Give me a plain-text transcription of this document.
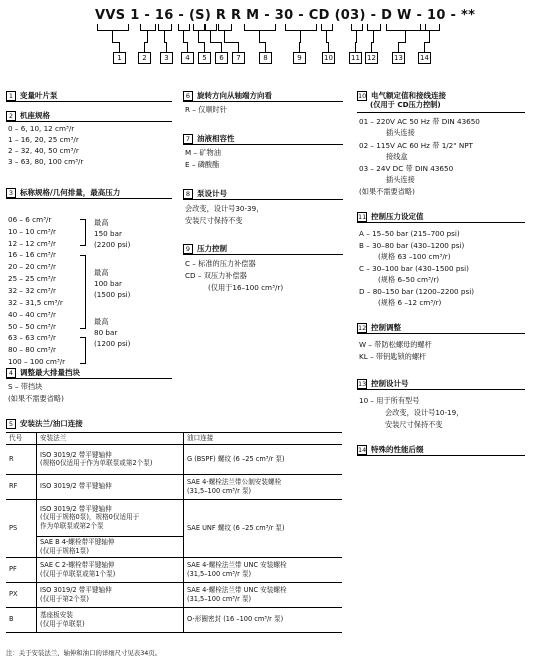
VVS 1 - 16 - (S) R R M - 30 - CD (03) - D W - 10 - **
1	2	3	4	5	6	7	8	9	10	11 12	13 14
1 变量叶片泵
2 机座规格
0 – 6, 10, 12 cm³/r
1 – 16, 20, 25 cm³/r
2 – 32, 40, 50 cm³/r
3 – 63, 80, 100 cm³/r
3 标称规格/几何排量，最高压力
06 – 6 cm³/r
10 – 10 cm³/r
12 – 12 cm³/r
最高
150 bar
(2200 psi)
16 – 16 cm³/r
20 – 20 cm³/r
25 – 25 cm³/r
32 – 32 cm³/r
32 – 31,5 cm³/r
40 – 40 cm³/r
50 – 50 cm³/r
最高
100 bar
(1500 psi)
63 – 63 cm³/r
80 – 80 cm³/r
100 – 100 cm³/r
最高
80 bar
(1200 psi)
4 调整最大排量挡块
S – 带挡块
(如果不需要省略)
5 安装法兰/油口连接
代号	安装法兰	油口连接
R	ISO 3019/2 带平键轴伸
(规格0仅适用于作为单联泵或第2个泵)	G (BSPF) 螺纹 (6 –25 cm³/r 泵)
RF	ISO 3019/2 带平键轴伸	SAE 4-螺栓法兰带公制安装螺栓
(31,5–100 cm³/r 泵)
PS	ISO 3019/2 带平键轴伸
(仅用于规格0泵)，规格0仅适用于
作为单联泵或第2个泵	SAE UNF 螺纹 (6 –25 cm³/r 泵)
	SAE B 4-螺栓带平键轴伸
(仅用于规格1泵)	
PF	SAE C 2-螺栓带平键轴伸
(仅用于单联泵或第1个泵)	SAE 4-螺栓法兰带 UNC 安装螺栓
(31,5–100 cm³/r 泵)
PX	ISO 3019/2 带平键轴伸
(仅用于第2个泵)	SAE 4-螺栓法兰带 UNC 安装螺栓
(31,5–100 cm³/r 泵)
B	基座板安装
(仅用于单联泵)	O-形圈密封 (16 –100 cm³/r 泵)
注：关于安装法兰、轴伸和油口的详细尺寸见表34页。
6 旋转方向从轴端方向看
R – 仅顺时针
7 油液相容性
M – 矿物油
E – 磷酸酯
8 泵设计号
会改变，设计号30-39，
安装尺寸保持不变
9 压力控制
C – 标准的压力补偿器
CD – 双压力补偿器
(仅用于16–100 cm³/r)
10 电气额定值和接线连接
(仅用于 CD压力控制)
01 – 220V AC 50 Hz 带 DIN 43650
插头连接
02 – 115V AC 60 Hz 带 1/2" NPT
接线盒
03 – 24V DC 带 DIN 43650
插头连接
(如果不需要省略)
11 控制压力设定值
A – 15–50 bar (215–700 psi)
B – 30–80 bar (430–1200 psi)
(规格 63 –100 cm³/r)
C – 30–100 bar (430–1500 psi)
(规格 6–50 cm³/r)
D – 80–150 bar (1200–2200 psi)
(规格 6 –12 cm³/r)
12 控制调整
W – 带防松螺母的螺杆
KL – 带钥匙锁的螺杆
13 控制设计号
10 – 用于所有型号
会改变，设计号10-19，
安装尺寸保持不变
14 特殊的性能后缀
